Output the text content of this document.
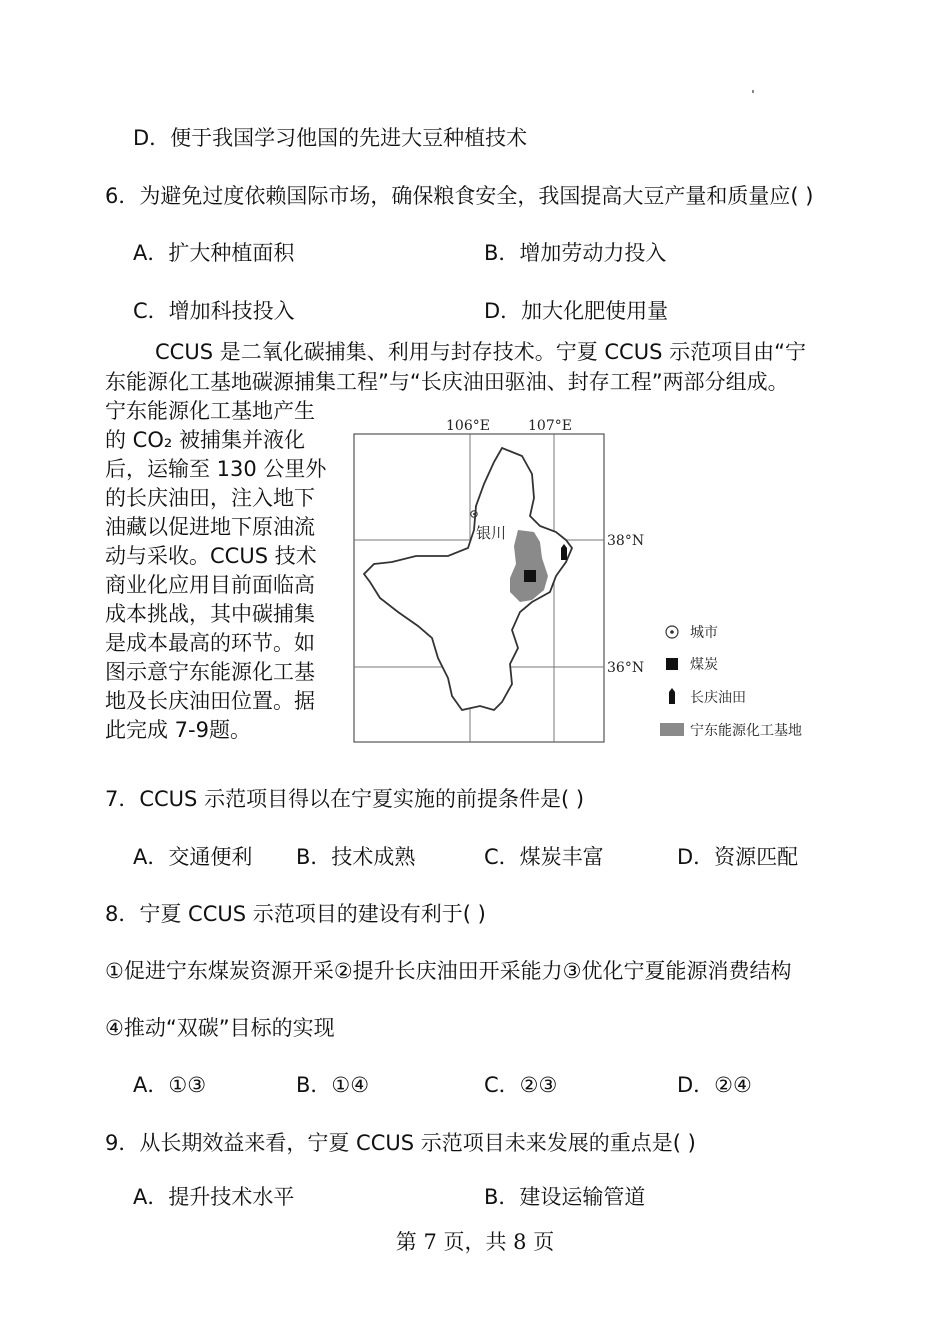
D．便于我国学习他国的先进大豆种植技术
6．为避免过度依赖国际市场，确保粮食安全，我国提高大豆产量和质量应( )
A．扩大种植面积	B．增加劳动力投入
C．增加科技投入	D．加大化肥使用量
CCUS 是二氧化碳捕集、利用与封存技术。宁夏 CCUS 示范项目由“宁
东能源化工基地碳源捕集工程”与“长庆油田驱油、封存工程”两部分组成。
宁东能源化工基地产生
的 CO₂ 被捕集并液化
后，运输至 130 公里外
的长庆油田，注入地下
油藏以促进地下原油流
动与采收。CCUS 技术
商业化应用目前面临高
成本挑战，其中碳捕集
是成本最高的环节。如
图示意宁东能源化工基
地及长庆油田位置。据
此完成 7-9题。
106°E	107°E
38°N
36°N
银川
城市
煤炭
长庆油田
宁东能源化工基地
7．CCUS 示范项目得以在宁夏实施的前提条件是( )
A．交通便利 B．技术成熟	C．煤炭丰富	D．资源匹配
8．宁夏 CCUS 示范项目的建设有利于( )
①促进宁东煤炭资源开采②提升长庆油田开采能力③优化宁夏能源消费结构
④推动“双碳”目标的实现
A．①③	B．①④	C．②③	D．②④
9．从长期效益来看，宁夏 CCUS 示范项目未来发展的重点是( )
A．提升技术水平	B．建设运输管道
第 7 页，共 8 页
